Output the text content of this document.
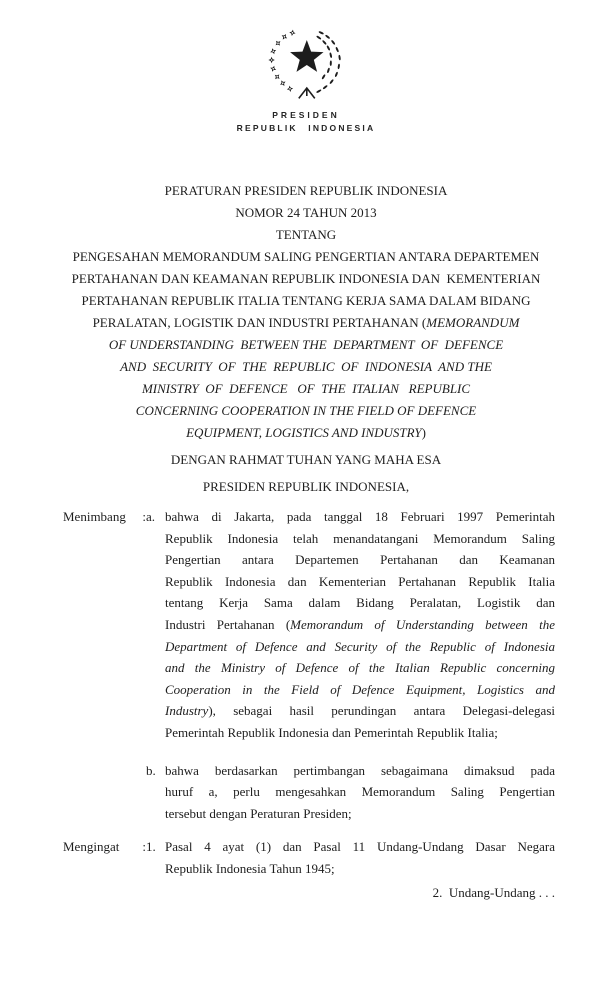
PRESIDEN
REPUBLIK INDONESIA
PERATURAN PRESIDEN REPUBLIK INDONESIA
NOMOR 24 TAHUN 2013
TENTANG
PENGESAHAN MEMORANDUM SALING PENGERTIAN ANTARA DEPARTEMEN
PERTAHANAN DAN KEAMANAN REPUBLIK INDONESIA DAN  KEMENTERIAN
PERTAHANAN REPUBLIK ITALIA TENTANG KERJA SAMA DALAM BIDANG
PERALATAN, LOGISTIK DAN INDUSTRI PERTAHANAN (MEMORANDUM
OF UNDERSTANDING  BETWEEN THE  DEPARTMENT  OF  DEFENCE
AND  SECURITY  OF  THE  REPUBLIC  OF  INDONESIA  AND THE
MINISTRY  OF  DEFENCE   OF  THE  ITALIAN   REPUBLIC
CONCERNING COOPERATION IN THE FIELD OF DEFENCE
EQUIPMENT, LOGISTICS AND INDUSTRY)
DENGAN RAHMAT TUHAN YANG MAHA ESA
PRESIDEN REPUBLIK INDONESIA,
Menimbang : a. bahwa di Jakarta, pada tanggal 18 Februari 1997 Pemerintah
Republik Indonesia telah menandatangani Memorandum Saling
Pengertian antara Departemen Pertahanan dan Keamanan
Republik Indonesia dan Kementerian Pertahanan Republik Italia
tentang Kerja Sama dalam Bidang Peralatan, Logistik dan
Industri Pertahanan (Memorandum of Understanding between the
Department of Defence and Security of the Republic of Indonesia
and the Ministry of Defence of the Italian Republic concerning
Cooperation in the Field of Defence Equipment, Logistics and
Industry), sebagai hasil perundingan antara Delegasi-delegasi
Pemerintah Republik Indonesia dan Pemerintah Republik Italia;
b. bahwa berdasarkan pertimbangan sebagaimana dimaksud pada
huruf a, perlu mengesahkan Memorandum Saling Pengertian
tersebut dengan Peraturan Presiden;
Mengingat : 1. Pasal 4 ayat (1) dan Pasal 11 Undang-Undang Dasar Negara
Republik Indonesia Tahun 1945;
2.  Undang-Undang . . .
